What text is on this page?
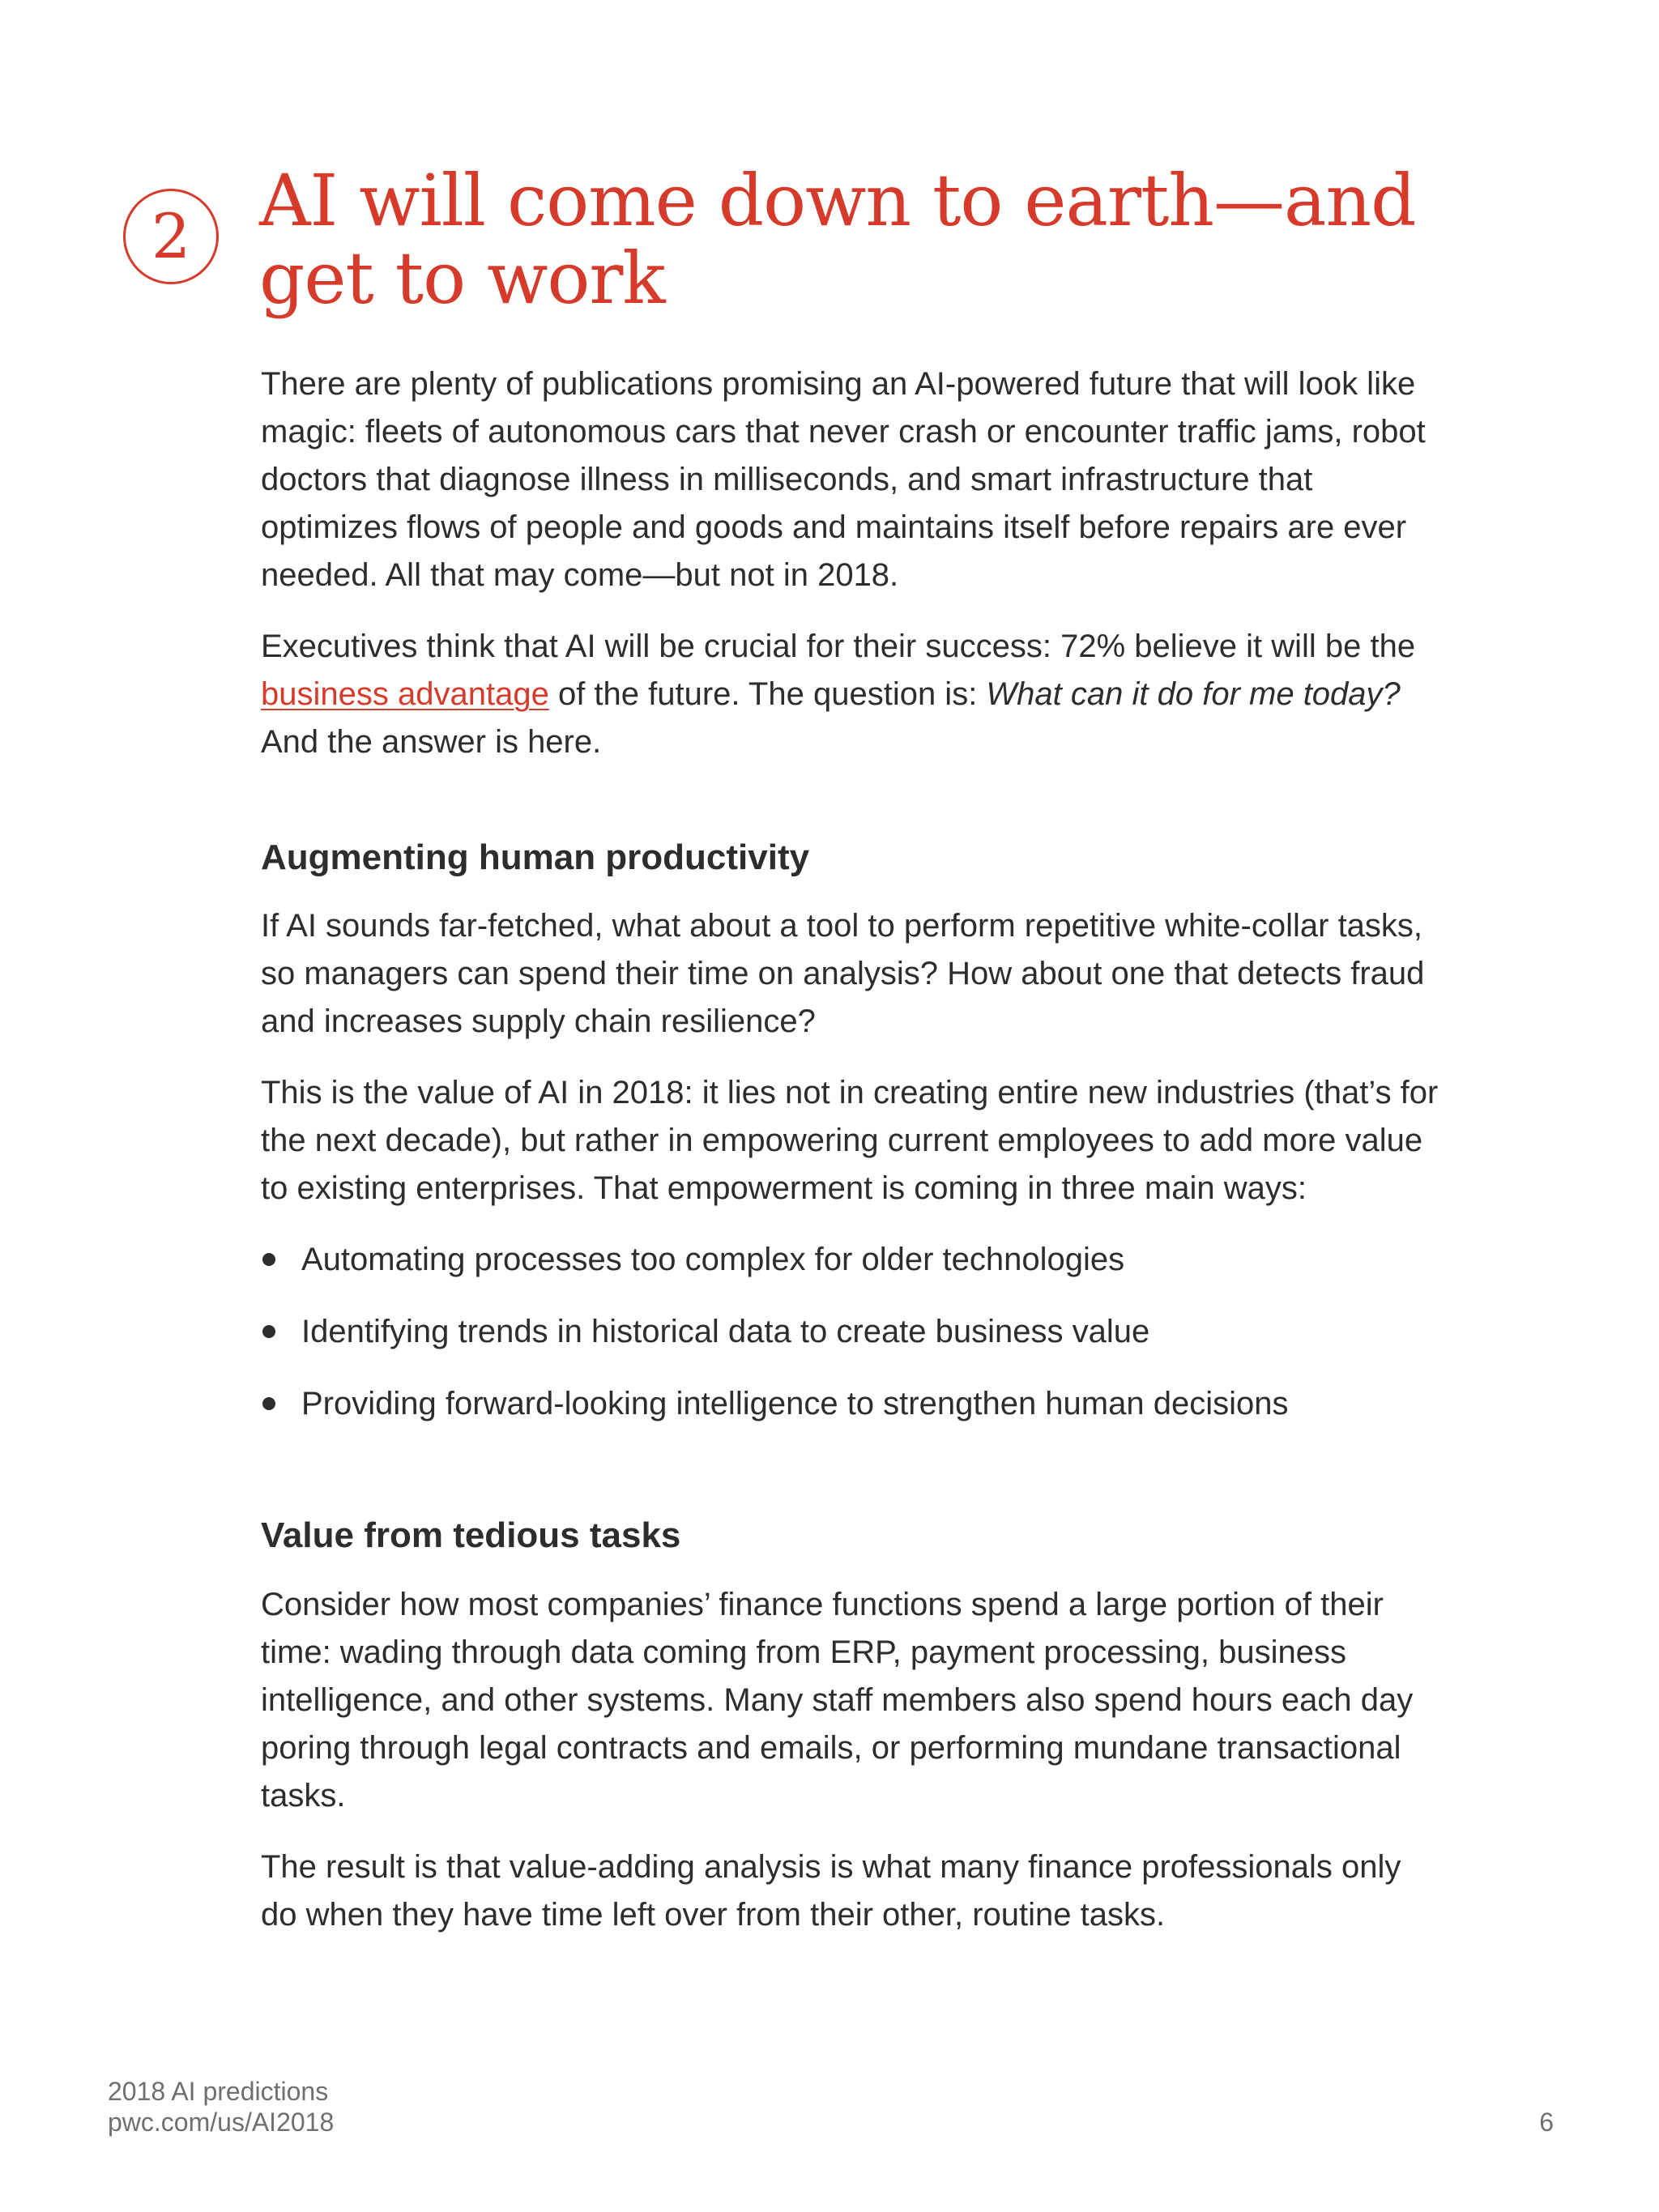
2 AI will come down to earth—and
get to work

There are plenty of publications promising an AI-powered future that will look like magic: fleets of autonomous cars that never crash or encounter traffic jams, robot doctors that diagnose illness in milliseconds, and smart infrastructure that optimizes flows of people and goods and maintains itself before repairs are ever needed. All that may come—but not in 2018.

Executives think that AI will be crucial for their success: 72% believe it will be the business advantage of the future. The question is: What can it do for me today? And the answer is here.

Augmenting human productivity

If AI sounds far-fetched, what about a tool to perform repetitive white-collar tasks, so managers can spend their time on analysis? How about one that detects fraud and increases supply chain resilience?

This is the value of AI in 2018: it lies not in creating entire new industries (that’s for the next decade), but rather in empowering current employees to add more value to existing enterprises. That empowerment is coming in three main ways:

Automating processes too complex for older technologies
Identifying trends in historical data to create business value
Providing forward-looking intelligence to strengthen human decisions
Value from tedious tasks

Consider how most companies’ finance functions spend a large portion of their time: wading through data coming from ERP, payment processing, business intelligence, and other systems. Many staff members also spend hours each day poring through legal contracts and emails, or performing mundane transactional tasks.

The result is that value-adding analysis is what many finance professionals only do when they have time left over from their other, routine tasks.

2018 AI predictions
pwc.com/us/AI2018	6
